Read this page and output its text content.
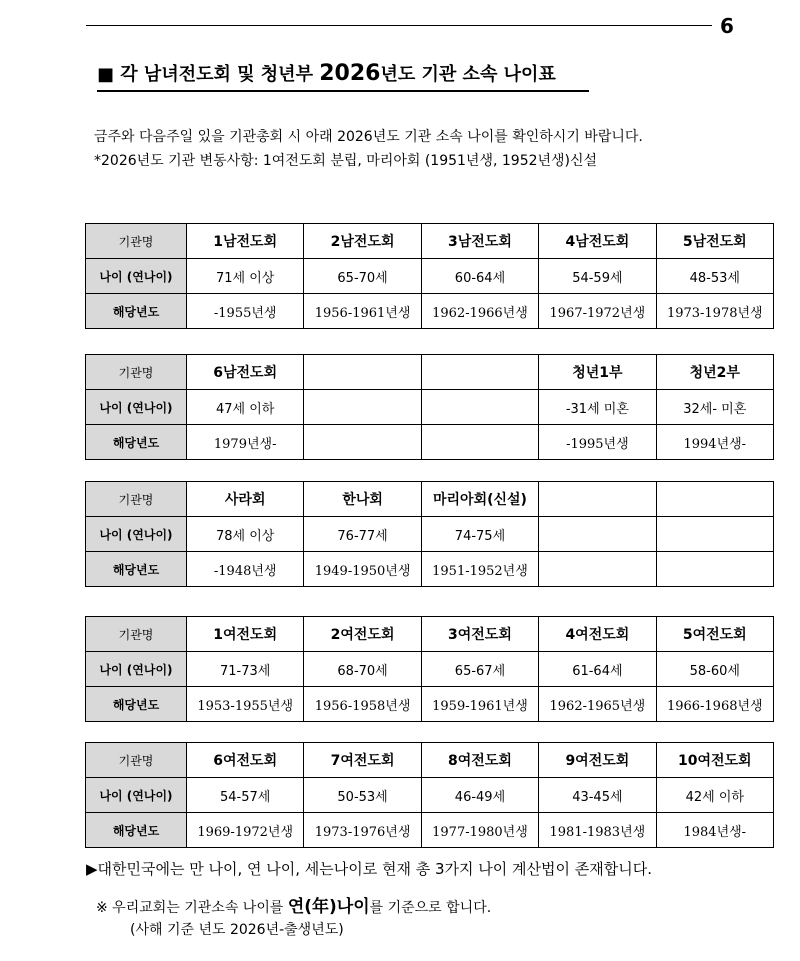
6
■ 각 남녀전도회 및 청년부 2026년도 기관 소속 나이표
금주와 다음주일 있을 기관총회 시 아래 2026년도 기관 소속 나이를 확인하시기 바랍니다.
*2026년도 기관 변동사항: 1여전도회 분립, 마리아회 (1951년생, 1952년생)신설
기관명	1남전도회	2남전도회	3남전도회	4남전도회	5남전도회
나이 (연나이)	71세 이상	65-70세	60-64세	54-59세	48-53세
해당년도	-1955년생	1956-1961년생	1962-1966년생	1967-1972년생	1973-1978년생
기관명	6남전도회			청년1부	청년2부
나이 (연나이)	47세 이하			-31세 미혼	32세- 미혼
해당년도	1979년생-			-1995년생	1994년생-
기관명	사라회	한나회	마리아회(신설)		
나이 (연나이)	78세 이상	76-77세	74-75세		
해당년도	-1948년생	1949-1950년생	1951-1952년생		
기관명	1여전도회	2여전도회	3여전도회	4여전도회	5여전도회
나이 (연나이)	71-73세	68-70세	65-67세	61-64세	58-60세
해당년도	1953-1955년생	1956-1958년생	1959-1961년생	1962-1965년생	1966-1968년생
기관명	6여전도회	7여전도회	8여전도회	9여전도회	10여전도회
나이 (연나이)	54-57세	50-53세	46-49세	43-45세	42세 이하
해당년도	1969-1972년생	1973-1976년생	1977-1980년생	1981-1983년생	1984년생-
▶대한민국에는 만 나이, 연 나이, 세는나이로 현재 총 3가지 나이 계산법이 존재합니다.
※ 우리교회는 기관소속 나이를 연(年)나이를 기준으로 합니다.
(사해 기준 년도 2026년-출생년도)
